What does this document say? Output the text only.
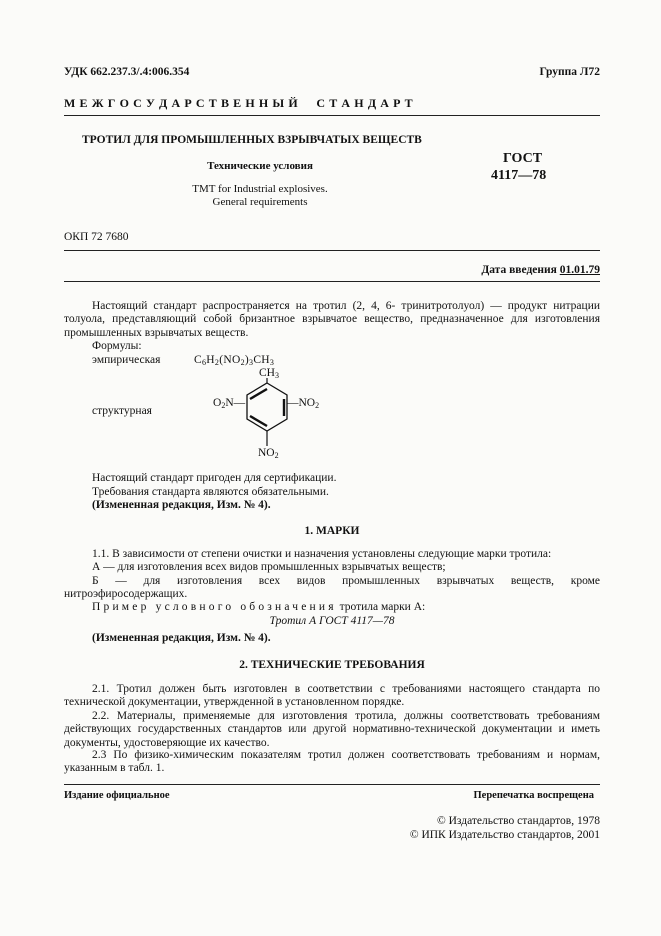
УДК 662.237.3/.4:006.354	Группа Л72
М Е Ж Г О С У Д А Р С Т В Е Н Н Ы Й     С Т А Н Д А Р Т
ТРОТИЛ ДЛЯ ПРОМЫШЛЕННЫХ ВЗРЫВЧАТЫХ ВЕЩЕСТВ
Технические условия
TMT for Industrial explosives.
General requirements
ГОСТ
4117—78
ОКП 72 7680
Дата введения 01.01.79

Настоящий стандарт распространяется на тротил (2, 4, 6- тринитротолуол) — продукт нитрации толуола, представляющий собой бризантное взрывчатое вещество, предназначенное для изготовления промышленных взрывчатых веществ.

Формулы:
эмпирическая	$C_6H_2(NO_2)_3CH_3$
структурная
$CH_3$
$O_2N—$	$—NO_2$
$NO_2$
Настоящий стандарт пригоден для сертификации.
Требования стандарта являются обязательными.
(Измененная редакция, Изм. № 4).
1. МАРКИ

1.1. В зависимости от степени очистки и назначения установлены следующие марки тротила:

А — для изготовления всех видов промышленных взрывчатых веществ;

Б — для изготовления всех видов промышленных взрывчатых веществ, кроме нитроэфиросодержащих.

Пример условного обозначения тротила марки А:
Тротил А ГОСТ 4117—78
(Измененная редакция, Изм. № 4).
2. ТЕХНИЧЕСКИЕ ТРЕБОВАНИЯ

2.1. Тротил должен быть изготовлен в соответствии с требованиями настоящего стандарта по технической документации, утвержденной в установленном порядке.

2.2. Материалы, применяемые для изготовления тротила, должны соответствовать требованиям действующих государственных стандартов или другой нормативно-технической документации и иметь документы, удостоверяющие их качество.

2.3 По физико-химическим показателям тротил должен соответствовать требованиям и нормам, указанным в табл. 1.

Издание официальное	Перепечатка воспрещена
© Издательство стандартов, 1978
© ИПК Издательство стандартов, 2001
